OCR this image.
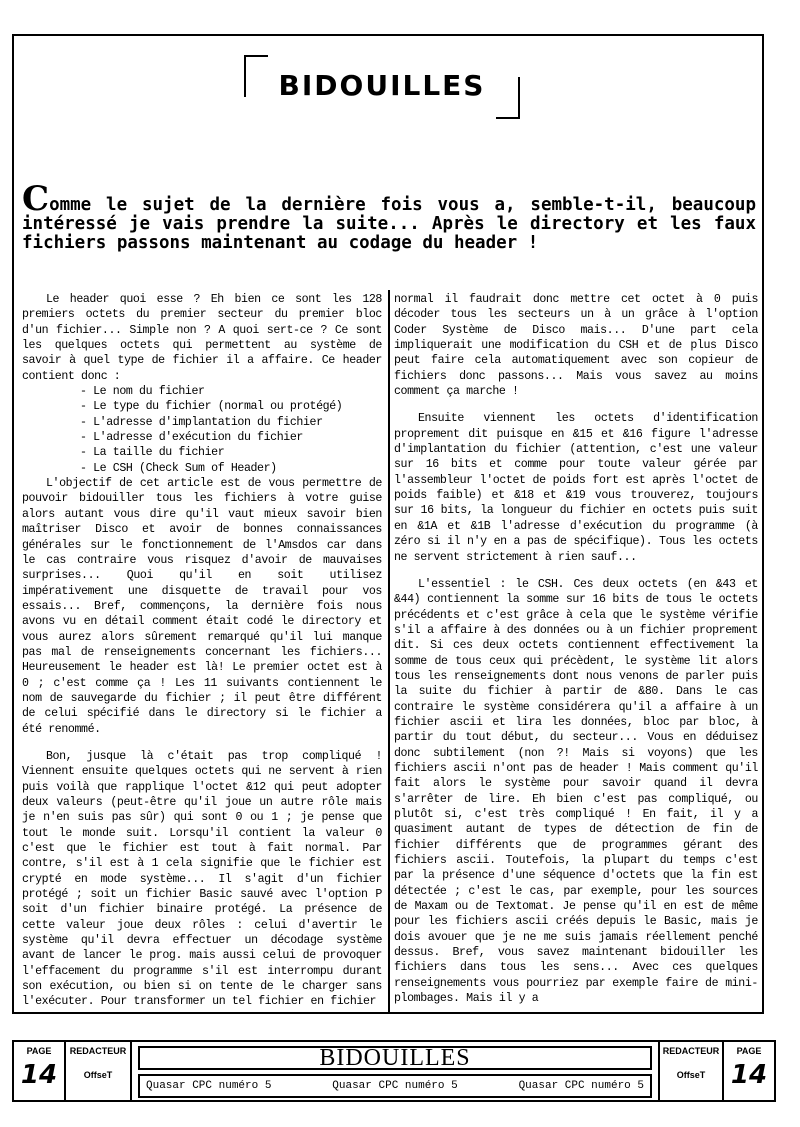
BIDOUILLES
Comme le sujet de la dernière fois vous a, semble-t-il, beaucoup intéressé je vais prendre la suite... Après le directory et les faux fichiers passons maintenant au codage du header !

Le header quoi esse ? Eh bien ce sont les 128 premiers octets du premier secteur du premier bloc d'un fichier... Simple non ? A quoi sert-ce ? Ce sont les quelques octets qui permettent au système de savoir à quel type de fichier il a affaire. Ce header contient donc :

- Le nom du fichier
- Le type du fichier (normal ou protégé)
- L'adresse d'implantation du fichier
- L'adresse d'exécution du fichier
- La taille du fichier
- Le CSH (Check Sum of Header)

L'objectif de cet article est de vous permettre de pouvoir bidouiller tous les fichiers à votre guise alors autant vous dire qu'il vaut mieux savoir bien maîtriser Disco et avoir de bonnes connaissances générales sur le fonctionnement de l'Amsdos car dans le cas contraire vous risquez d'avoir de mauvaises surprises... Quoi qu'il en soit utilisez impérativement une disquette de travail pour vos essais... Bref, commençons, la dernière fois nous avons vu en détail comment était codé le directory et vous aurez alors sûrement remarqué qu'il lui manque pas mal de renseignements concernant les fichiers... Heureusement le header est là! Le premier octet est à 0 ; c'est comme ça ! Les 11 suivants contiennent le nom de sauvegarde du fichier ; il peut être différent de celui spécifié dans le directory si le fichier a été renommé.

Bon, jusque là c'était pas trop compliqué ! Viennent ensuite quelques octets qui ne servent à rien puis voilà que rapplique l'octet &12 qui peut adopter deux valeurs (peut-être qu'il joue un autre rôle mais je n'en suis pas sûr) qui sont 0 ou 1 ; je pense que tout le monde suit. Lorsqu'il contient la valeur 0 c'est que le fichier est tout à fait normal. Par contre, s'il est à 1 cela signifie que le fichier est crypté en mode système... Il s'agit d'un fichier protégé ; soit un fichier Basic sauvé avec l'option P soit d'un fichier binaire protégé. La présence de cette valeur joue deux rôles : celui d'avertir le système qu'il devra effectuer un décodage système avant de lancer le prog. mais aussi celui de provoquer l'effacement du programme s'il est interrompu durant son exécution, ou bien si on tente de le charger sans l'exécuter. Pour transformer un tel fichier en fichier

normal il faudrait donc mettre cet octet à 0 puis décoder tous les secteurs un à un grâce à l'option Coder Système de Disco mais... D'une part cela impliquerait une modification du CSH et de plus Disco peut faire cela automatiquement avec son copieur de fichiers donc passons... Mais vous savez au moins comment ça marche !

Ensuite viennent les octets d'identification proprement dit puisque en &15 et &16 figure l'adresse d'implantation du fichier (attention, c'est une valeur sur 16 bits et comme pour toute valeur gérée par l'assembleur l'octet de poids fort est après l'octet de poids faible) et &18 et &19 vous trouverez, toujours sur 16 bits, la longueur du fichier en octets puis suit en &1A et &1B l'adresse d'exécution du programme (à zéro si il n'y en a pas de spécifique). Tous les octets ne servent strictement à rien sauf...

L'essentiel : le CSH. Ces deux octets (en &43 et &44) contiennent la somme sur 16 bits de tous le octets précédents et c'est grâce à cela que le système vérifie s'il a affaire à des données ou à un fichier proprement dit. Si ces deux octets contiennent effectivement la somme de tous ceux qui précèdent, le système lit alors tous les renseignements dont nous venons de parler puis la suite du fichier à partir de &80. Dans le cas contraire le système considérera qu'il a affaire à un fichier ascii et lira les données, bloc par bloc, à partir du tout début, du secteur... Vous en déduisez donc subtilement (non ?! Mais si voyons) que les fichiers ascii n'ont pas de header ! Mais comment qu'il fait alors le système pour savoir quand il devra s'arrêter de lire. Eh bien c'est pas compliqué, ou plutôt si, c'est très compliqué ! En fait, il y a quasiment autant de types de détection de fin de fichier différents que de programmes gérant des fichiers ascii. Toutefois, la plupart du temps c'est par la présence d'une séquence d'octets que la fin est détectée ; c'est le cas, par exemple, pour les sources de Maxam ou de Textomat. Je pense qu'il en est de même pour les fichiers ascii créés depuis le Basic, mais je dois avouer que je ne me suis jamais réellement penché dessus. Bref, vous savez maintenant bidouiller les fichiers dans tous les sens... Avec ces quelques renseignements vous pourriez par exemple faire de mini-plombages. Mais il y a

PAGE
14
REDACTEUR
OffseT
BIDOUILLES
Quasar CPC numéro 5	Quasar CPC numéro 5	Quasar CPC numéro 5
REDACTEUR
OffseT
PAGE
14
